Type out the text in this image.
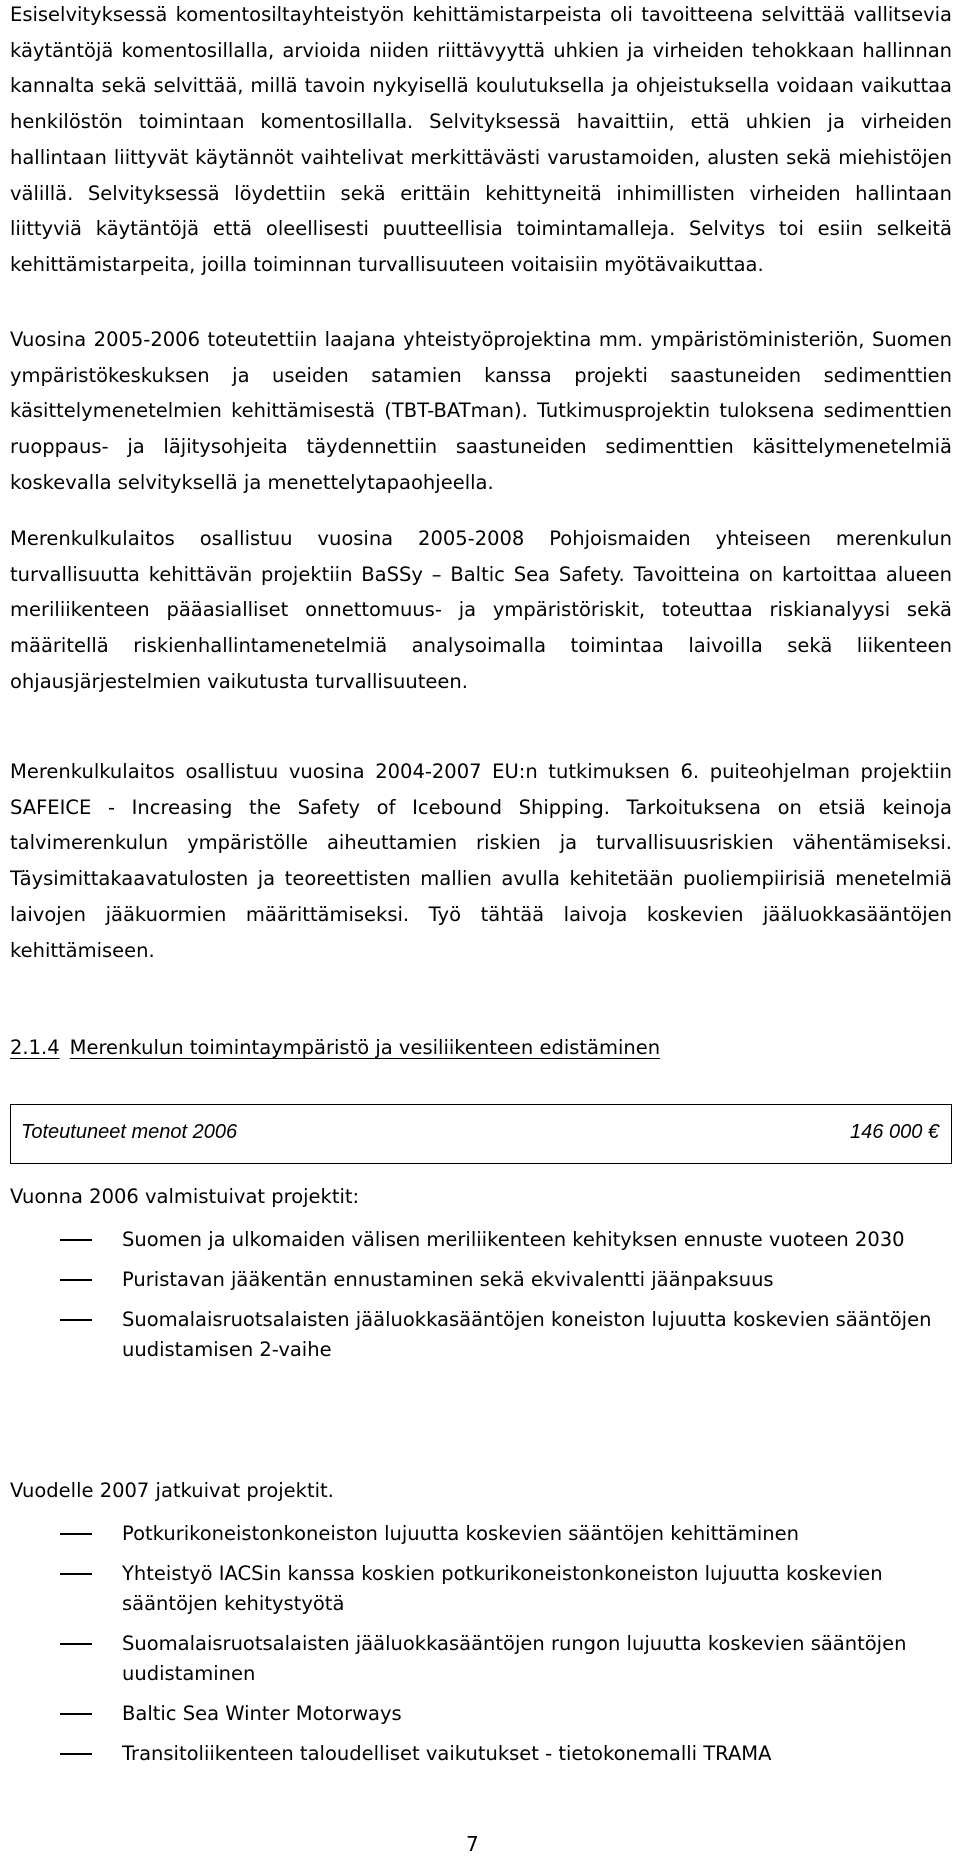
Esiselvityksessä komentosiltayhteistyön kehittämistarpeista oli tavoitteena selvittää vallitsevia käytäntöjä komentosillalla, arvioida niiden riittävyyttä uhkien ja virheiden tehokkaan hallinnan kannalta sekä selvittää, millä tavoin nykyisellä koulutuksella ja ohjeistuksella voidaan vaikuttaa henkilöstön toimintaan komentosillalla. Selvityksessä havaittiin, että uhkien ja virheiden hallintaan liittyvät käytännöt vaihtelivat merkittävästi varustamoiden, alusten sekä miehistöjen välillä. Selvityksessä löydettiin sekä erittäin kehittyneitä inhimillisten virheiden hallintaan liittyviä käytäntöjä että oleellisesti puutteellisia toimintamalleja. Selvitys toi esiin selkeitä kehittämistarpeita, joilla toiminnan turvallisuuteen voitaisiin myötävaikuttaa.

Vuosina 2005-2006 toteutettiin laajana yhteistyöprojektina mm. ympäristöministeriön, Suomen ympäristökeskuksen ja useiden satamien kanssa projekti saastuneiden sedimenttien käsittelymenetelmien kehittämisestä (TBT-BATman). Tutkimusprojektin tuloksena sedimenttien ruoppaus- ja läjitysohjeita täydennettiin saastuneiden sedimenttien käsittelymenetelmiä koskevalla selvityksellä ja menettelytapaohjeella.

Merenkulkulaitos osallistuu vuosina 2005-2008 Pohjoismaiden yhteiseen merenkulun turvallisuutta kehittävän projektiin BaSSy – Baltic Sea Safety. Tavoitteina on kartoittaa alueen meriliikenteen pääasialliset onnettomuus- ja ympäristöriskit, toteuttaa riskianalyysi sekä määritellä riskienhallintamenetelmiä analysoimalla toimintaa laivoilla sekä liikenteen ohjausjärjestelmien vaikutusta turvallisuuteen.

Merenkulkulaitos osallistuu vuosina 2004-2007 EU:n tutkimuksen 6. puiteohjelman projektiin SAFEICE - Increasing the Safety of Icebound Shipping. Tarkoituksena on etsiä keinoja talvimerenkulun ympäristölle aiheuttamien riskien ja turvallisuusriskien vähentämiseksi. Täysimittakaavatulosten ja teoreettisten mallien avulla kehitetään puoliempiirisiä menetelmiä laivojen jääkuormien määrittämiseksi. Työ tähtää laivoja koskevien jääluokkasääntöjen kehittämiseen.

2.1.4 Merenkulun toimintaympäristö ja vesiliikenteen edistäminen
Toteutuneet menot 2006	146 000 €
Vuonna 2006 valmistuivat projektit:
Suomen ja ulkomaiden välisen meriliikenteen kehityksen ennuste vuoteen 2030
Puristavan jääkentän ennustaminen sekä ekvivalentti jäänpaksuus
Suomalaisruotsalaisten jääluokkasääntöjen koneiston lujuutta koskevien sääntöjen uudistamisen 2-vaihe
Vuodelle 2007 jatkuivat projektit.
Potkurikoneistonkoneiston lujuutta koskevien sääntöjen kehittäminen
Yhteistyö IACSin kanssa koskien potkurikoneistonkoneiston lujuutta koskevien sääntöjen kehitystyötä
Suomalaisruotsalaisten jääluokkasääntöjen rungon lujuutta koskevien sääntöjen uudistaminen
Baltic Sea Winter Motorways
Transitoliikenteen taloudelliset vaikutukset - tietokonemalli TRAMA
7
